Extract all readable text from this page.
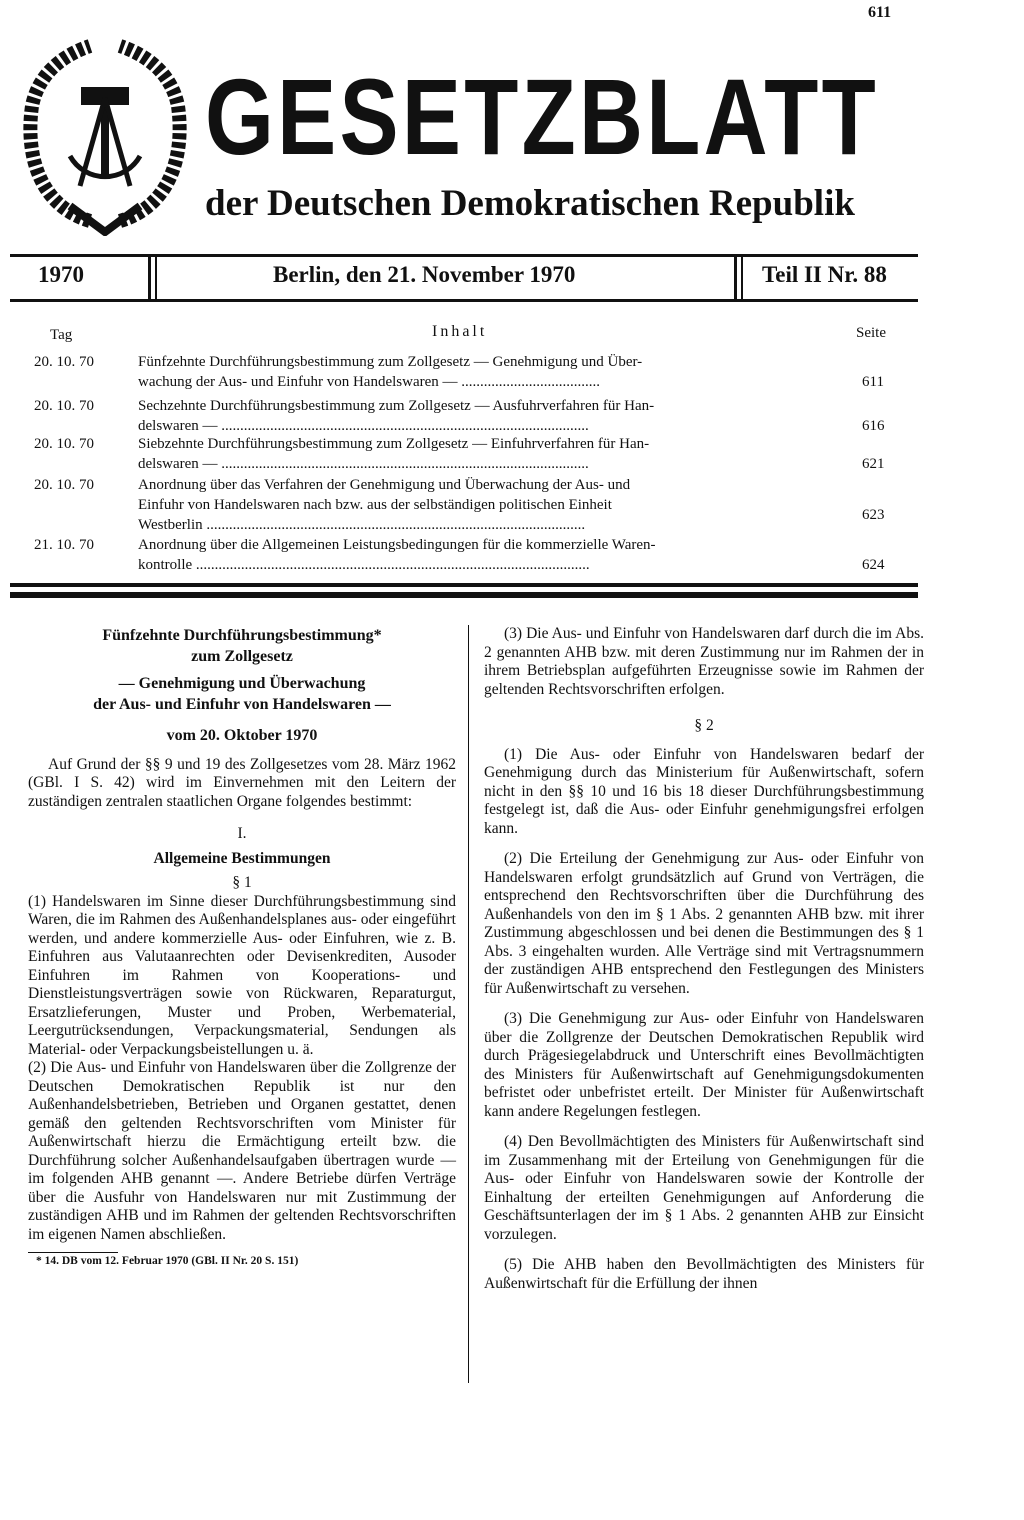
611
GESETZBLATT
der Deutschen Demokratischen Republik
1970	Berlin, den 21. November 1970	Teil II Nr. 88
Tag	Inhalt	Seite
20. 10. 70	Fünfzehnte Durchführungsbestimmung zum Zollgesetz — Genehmigung und Über-
wachung der Aus- und Einfuhr von Handelswaren — .....................................	611
20. 10. 70	Sechzehnte Durchführungsbestimmung zum Zollgesetz — Ausfuhrverfahren für Han-
delswaren — ..................................................................................................	616
20. 10. 70	Siebzehnte Durchführungsbestimmung zum Zollgesetz — Einfuhrverfahren für Han-
delswaren — ..................................................................................................	621
20. 10. 70	Anordnung über das Verfahren der Genehmigung und Überwachung der Aus- und
Einfuhr von Handelswaren nach bzw. aus der selbständigen politischen Einheit
Westberlin .....................................................................................................
623
21. 10. 70	Anordnung über die Allgemeinen Leistungsbedingungen für die kommerzielle Waren-
kontrolle .........................................................................................................	624
Fünfzehnte Durchführungsbestimmung*
zum Zollgesetz
— Genehmigung und Überwachung
der Aus- und Einfuhr von Handelswaren —
vom 20. Oktober 1970

Auf Grund der §§ 9 und 19 des Zollgesetzes vom 28. März 1962 (GBl. I S. 42) wird im Einvernehmen mit den Leitern der zuständigen zentralen staatlichen Organe folgendes bestimmt:

I.
Allgemeine Bestimmungen
§ 1

(1) Handelswaren im Sinne dieser Durchführungsbestimmung sind Waren, die im Rahmen des Außenhandelsplanes aus- oder eingeführt werden, und andere kommerzielle Aus- oder Einfuhren, wie z. B. Einfuhren aus Valutaanrechten oder Devisenkrediten, Ausoder Einfuhren im Rahmen von Kooperations- und Dienstleistungsverträgen sowie von Rückwaren, Reparaturgut, Ersatzlieferungen, Muster und Proben, Werbematerial, Leergutrücksendungen, Verpackungsmaterial, Sendungen als Material- oder Verpackungsbeistellungen u. ä.

(2) Die Aus- und Einfuhr von Handelswaren über die Zollgrenze der Deutschen Demokratischen Republik ist nur den Außenhandelsbetrieben, Betrieben und Organen gestattet, denen gemäß den geltenden Rechtsvorschriften vom Minister für Außenwirtschaft hierzu die Ermächtigung erteilt bzw. die Durchführung solcher Außenhandelsaufgaben übertragen wurde — im folgenden AHB genannt —. Andere Betriebe dürfen Verträge über die Ausfuhr von Handelswaren nur mit Zustimmung der zuständigen AHB und im Rahmen der geltenden Rechtsvorschriften im eigenen Namen abschließen.

* 14. DB vom 12. Februar 1970 (GBl. II Nr. 20 S. 151)

(3) Die Aus- und Einfuhr von Handelswaren darf durch die im Abs. 2 genannten AHB bzw. mit deren Zustimmung nur im Rahmen der in ihrem Betriebsplan aufgeführten Erzeugnisse sowie im Rahmen der geltenden Rechtsvorschriften erfolgen.

§ 2

(1) Die Aus- oder Einfuhr von Handelswaren bedarf der Genehmigung durch das Ministerium für Außenwirtschaft, sofern nicht in den §§ 10 und 16 bis 18 dieser Durchführungsbestimmung festgelegt ist, daß die Aus- oder Einfuhr genehmigungsfrei erfolgen kann.

(2) Die Erteilung der Genehmigung zur Aus- oder Einfuhr von Handelswaren erfolgt grundsätzlich auf Grund von Verträgen, die entsprechend den Rechtsvorschriften über die Durchführung des Außenhandels von den im § 1 Abs. 2 genannten AHB bzw. mit ihrer Zustimmung abgeschlossen und bei denen die Bestimmungen des § 1 Abs. 3 eingehalten wurden. Alle Verträge sind mit Vertragsnummern der zuständigen AHB entsprechend den Festlegungen des Ministers für Außenwirtschaft zu versehen.

(3) Die Genehmigung zur Aus- oder Einfuhr von Handelswaren über die Zollgrenze der Deutschen Demokratischen Republik wird durch Prägesiegelabdruck und Unterschrift eines Bevollmächtigten des Ministers für Außenwirtschaft auf Genehmigungsdokumenten befristet oder unbefristet erteilt. Der Minister für Außenwirtschaft kann andere Regelungen festlegen.

(4) Den Bevollmächtigten des Ministers für Außenwirtschaft sind im Zusammenhang mit der Erteilung von Genehmigungen für die Aus- oder Einfuhr von Handelswaren sowie der Kontrolle der Einhaltung der erteilten Genehmigungen auf Anforderung die Geschäftsunterlagen der im § 1 Abs. 2 genannten AHB zur Einsicht vorzulegen.

(5) Die AHB haben den Bevollmächtigten des Ministers für Außenwirtschaft für die Erfüllung der ihnen
